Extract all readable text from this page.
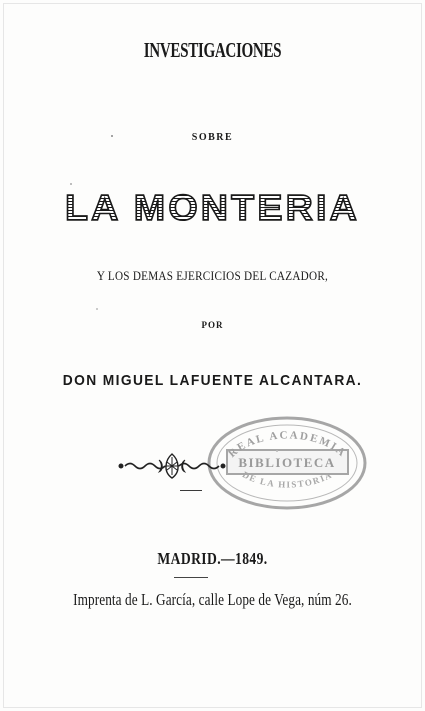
INVESTIGACIONES
SOBRE
LA MONTERIA
Y LOS DEMAS EJERCICIOS DEL CAZADOR,
POR
DON MIGUEL LAFUENTE ALCANTARA.
REAL ACADEMIA
BIBLIOTECA
DE LA HISTORIA
MADRID.—1849.
Imprenta de L. García, calle Lope de Vega, núm 26.
